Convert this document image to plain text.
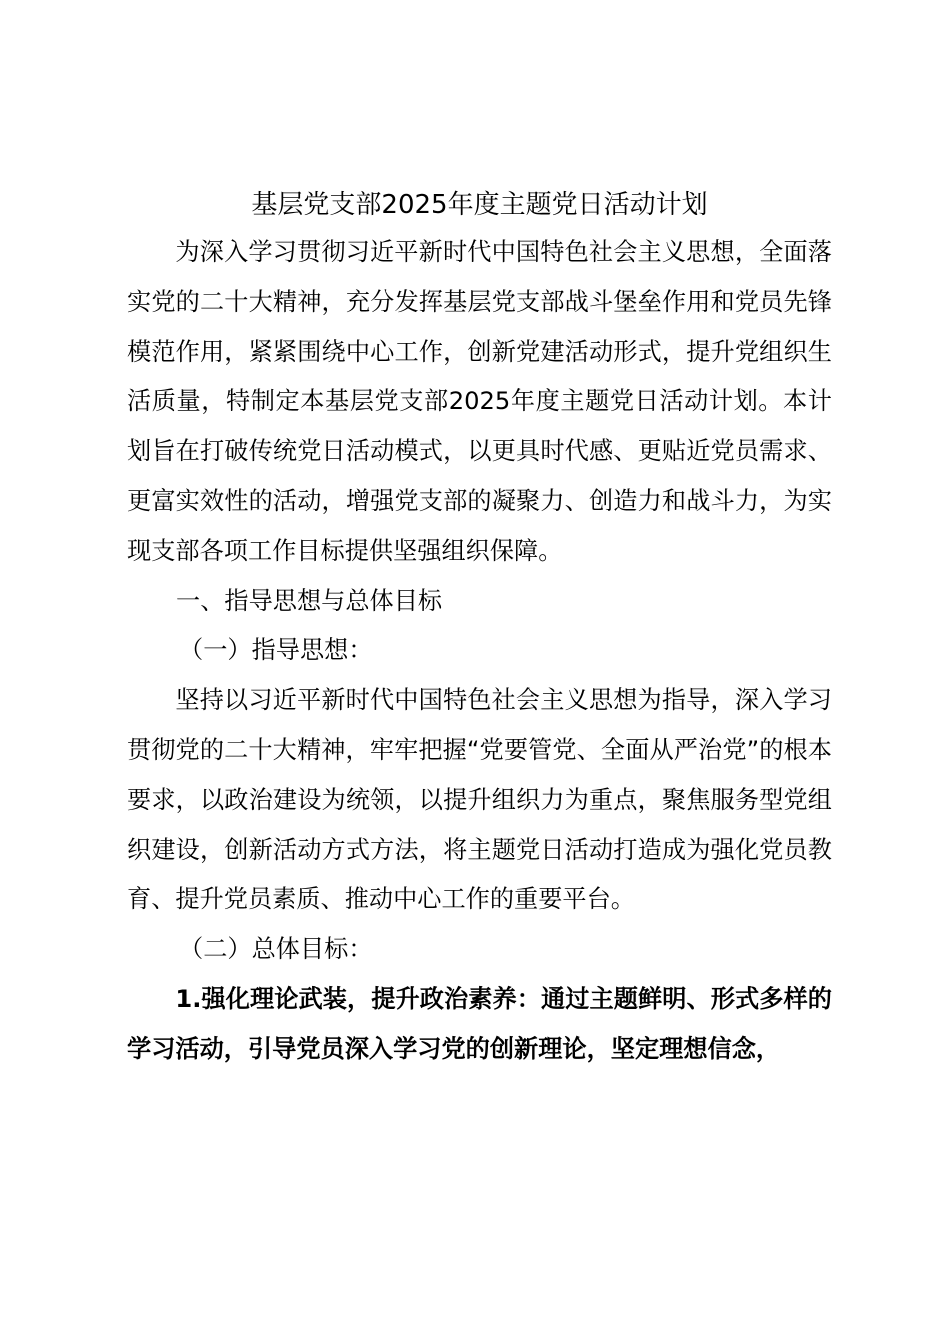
基层党支部2025年度主题党日活动计划

为深入学习贯彻习近平新时代中国特色社会主义思想，全面落实党的二十大精神，充分发挥基层党支部战斗堡垒作用和党员先锋模范作用，紧紧围绕中心工作，创新党建活动形式，提升党组织生活质量，特制定本基层党支部2025年度主题党日活动计划。本计划旨在打破传统党日活动模式，以更具时代感、更贴近党员需求、更富实效性的活动，增强党支部的凝聚力、创造力和战斗力，为实现支部各项工作目标提供坚强组织保障。

一、指导思想与总体目标

（一）指导思想：

坚持以习近平新时代中国特色社会主义思想为指导，深入学习贯彻党的二十大精神，牢牢把握“党要管党、全面从严治党”的根本要求，以政治建设为统领，以提升组织力为重点，聚焦服务型党组织建设，创新活动方式方法，将主题党日活动打造成为强化党员教育、提升党员素质、推动中心工作的重要平台。

（二）总体目标：

1.强化理论武装，提升政治素养：通过主题鲜明、形式多样的学习活动，引导党员深入学习党的创新理论，坚定理想信念，
